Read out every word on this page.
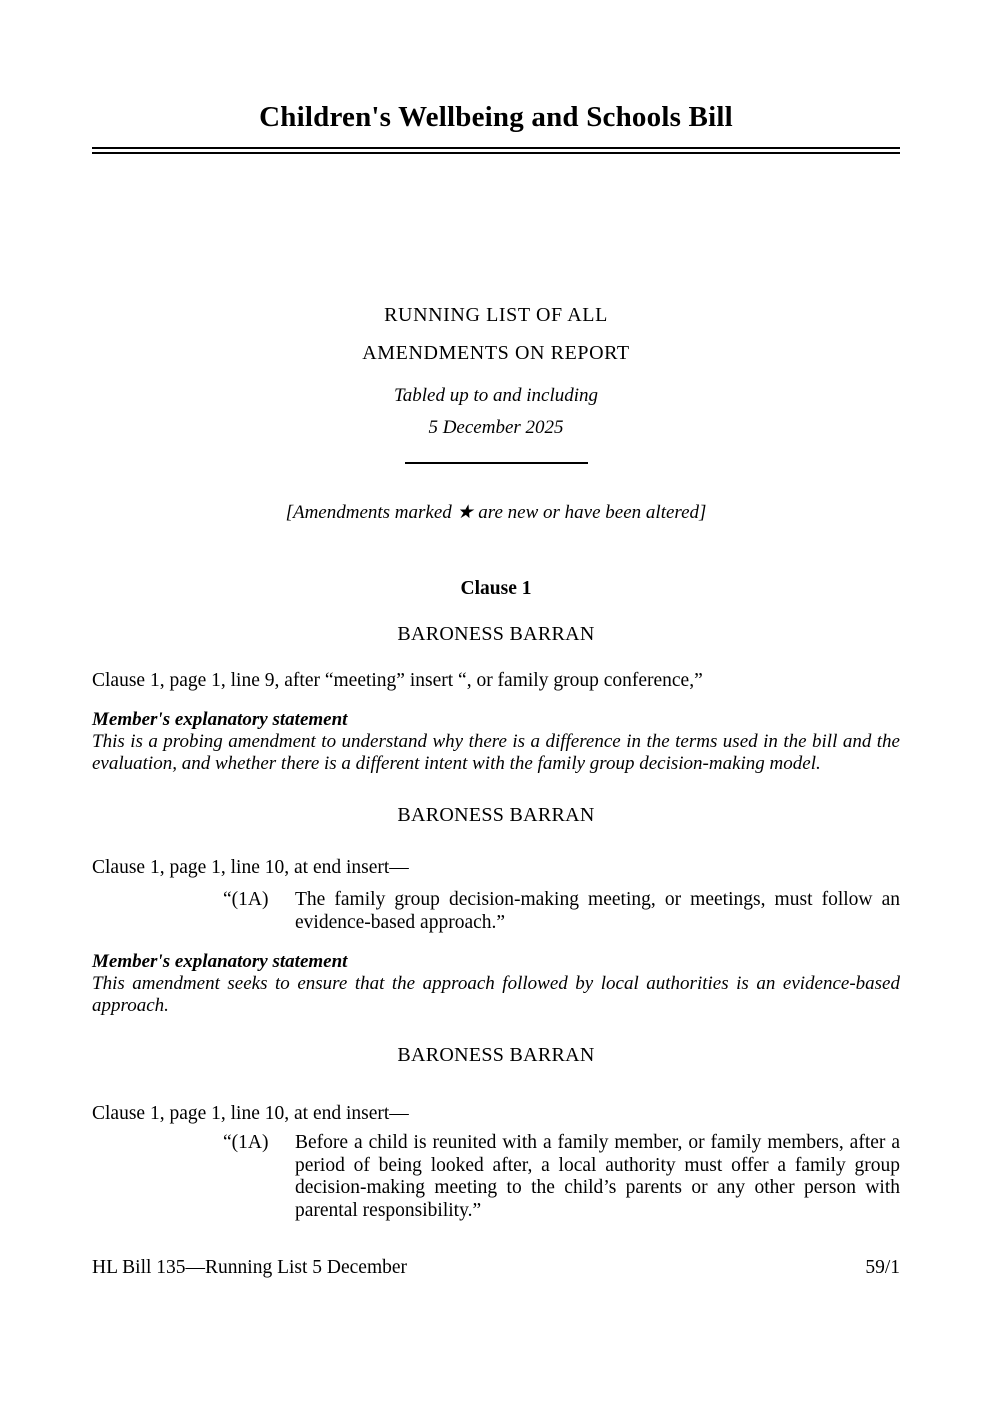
Children's Wellbeing and Schools Bill
RUNNING LIST OF ALL
AMENDMENTS ON REPORT
Tabled up to and including
5 December 2025
[Amendments marked ★ are new or have been altered]
Clause 1
BARONESS BARRAN
Clause 1, page 1, line 9, after “meeting” insert “, or family group conference,”
Member's explanatory statement
This is a probing amendment to understand why there is a difference in the terms used in the bill and the evaluation, and whether there is a different intent with the family group decision-making model.
BARONESS BARRAN
Clause 1, page 1, line 10, at end insert—
“(1A)	The family group decision-making meeting, or meetings, must follow an evidence-based approach.”
Member's explanatory statement
This amendment seeks to ensure that the approach followed by local authorities is an evidence-based approach.
BARONESS BARRAN
Clause 1, page 1, line 10, at end insert—
“(1A)	Before a child is reunited with a family member, or family members, after a period of being looked after, a local authority must offer a family group decision-making meeting to the child’s parents or any other person with parental responsibility.”
HL Bill 135—Running List 5 December	59/1
